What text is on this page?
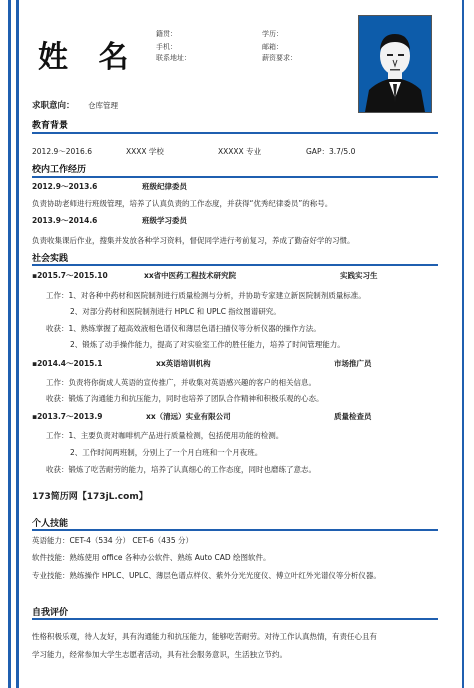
姓 名
籍贯：	学历：
手机：	邮箱：
联系地址：	薪资要求：
求职意向： 仓库管理
教育背景
2012.9～2016.6	XXXX 学校	XXXXX 专业	GAP：3.7/5.0
校内工作经历
2012.9～2013.6	班级纪律委员
负责协助老师进行班级管理，培养了认真负责的工作态度，并获得“优秀纪律委员”的称号。
2013.9～2014.6	班级学习委员
负责收集课后作业，搜集并发放各种学习资料，督促同学进行考前复习，养成了勤奋好学的习惯。
社会实践
▪2015.7～2015.10	xx省中医药工程技术研究院	实践实习生
工作：1、对各种中药材和医院制剂进行质量检测与分析，并协助专家建立新医院制剂质量标准。
2、对部分药材和医院制剂进行 HPLC 和 UPLC 指纹图谱研究。
收获：1、熟练掌握了超高效液相色谱仪和薄层色谱扫描仪等分析仪器的操作方法。
2、锻炼了动手操作能力，提高了对实验室工作的胜任能力，培养了时间管理能力。
▪2014.4～2015.1	xx英语培训机构	市场推广员
工作：负责将你街成人英语的宣传推广，并收集对英语感兴趣的客户的相关信息。
收获：锻炼了沟通能力和抗压能力，同时也培养了团队合作精神和积极乐观的心态。
▪2013.7～2013.9	xx（清远）实业有限公司	质量检查员
工作：1、主要负责对咖啡机产品进行质量检测，包括使用功能的检测。
2、工作时间两班制，分别上了一个月白班和一个月夜班。
收获：锻炼了吃苦耐劳的能力，培养了认真细心的工作态度，同时也磨练了意志。
173简历网【173jL.com】
个人技能
英语能力：CET-4（534 分） CET-6（435 分）
软件技能：熟练使用 office 各种办公软件、熟练 Auto CAD 绘图软件。
专业技能：熟练操作 HPLC、UPLC、薄层色谱点样仪、紫外分光光度仪、傅立叶红外光谱仪等分析仪器。
自我评价
性格积极乐观，待人友好，具有沟通能力和抗压能力，能够吃苦耐劳。对待工作认真热情，有责任心且有
学习能力，经常参加大学生志愿者活动，具有社会服务意识，生活独立节约。
